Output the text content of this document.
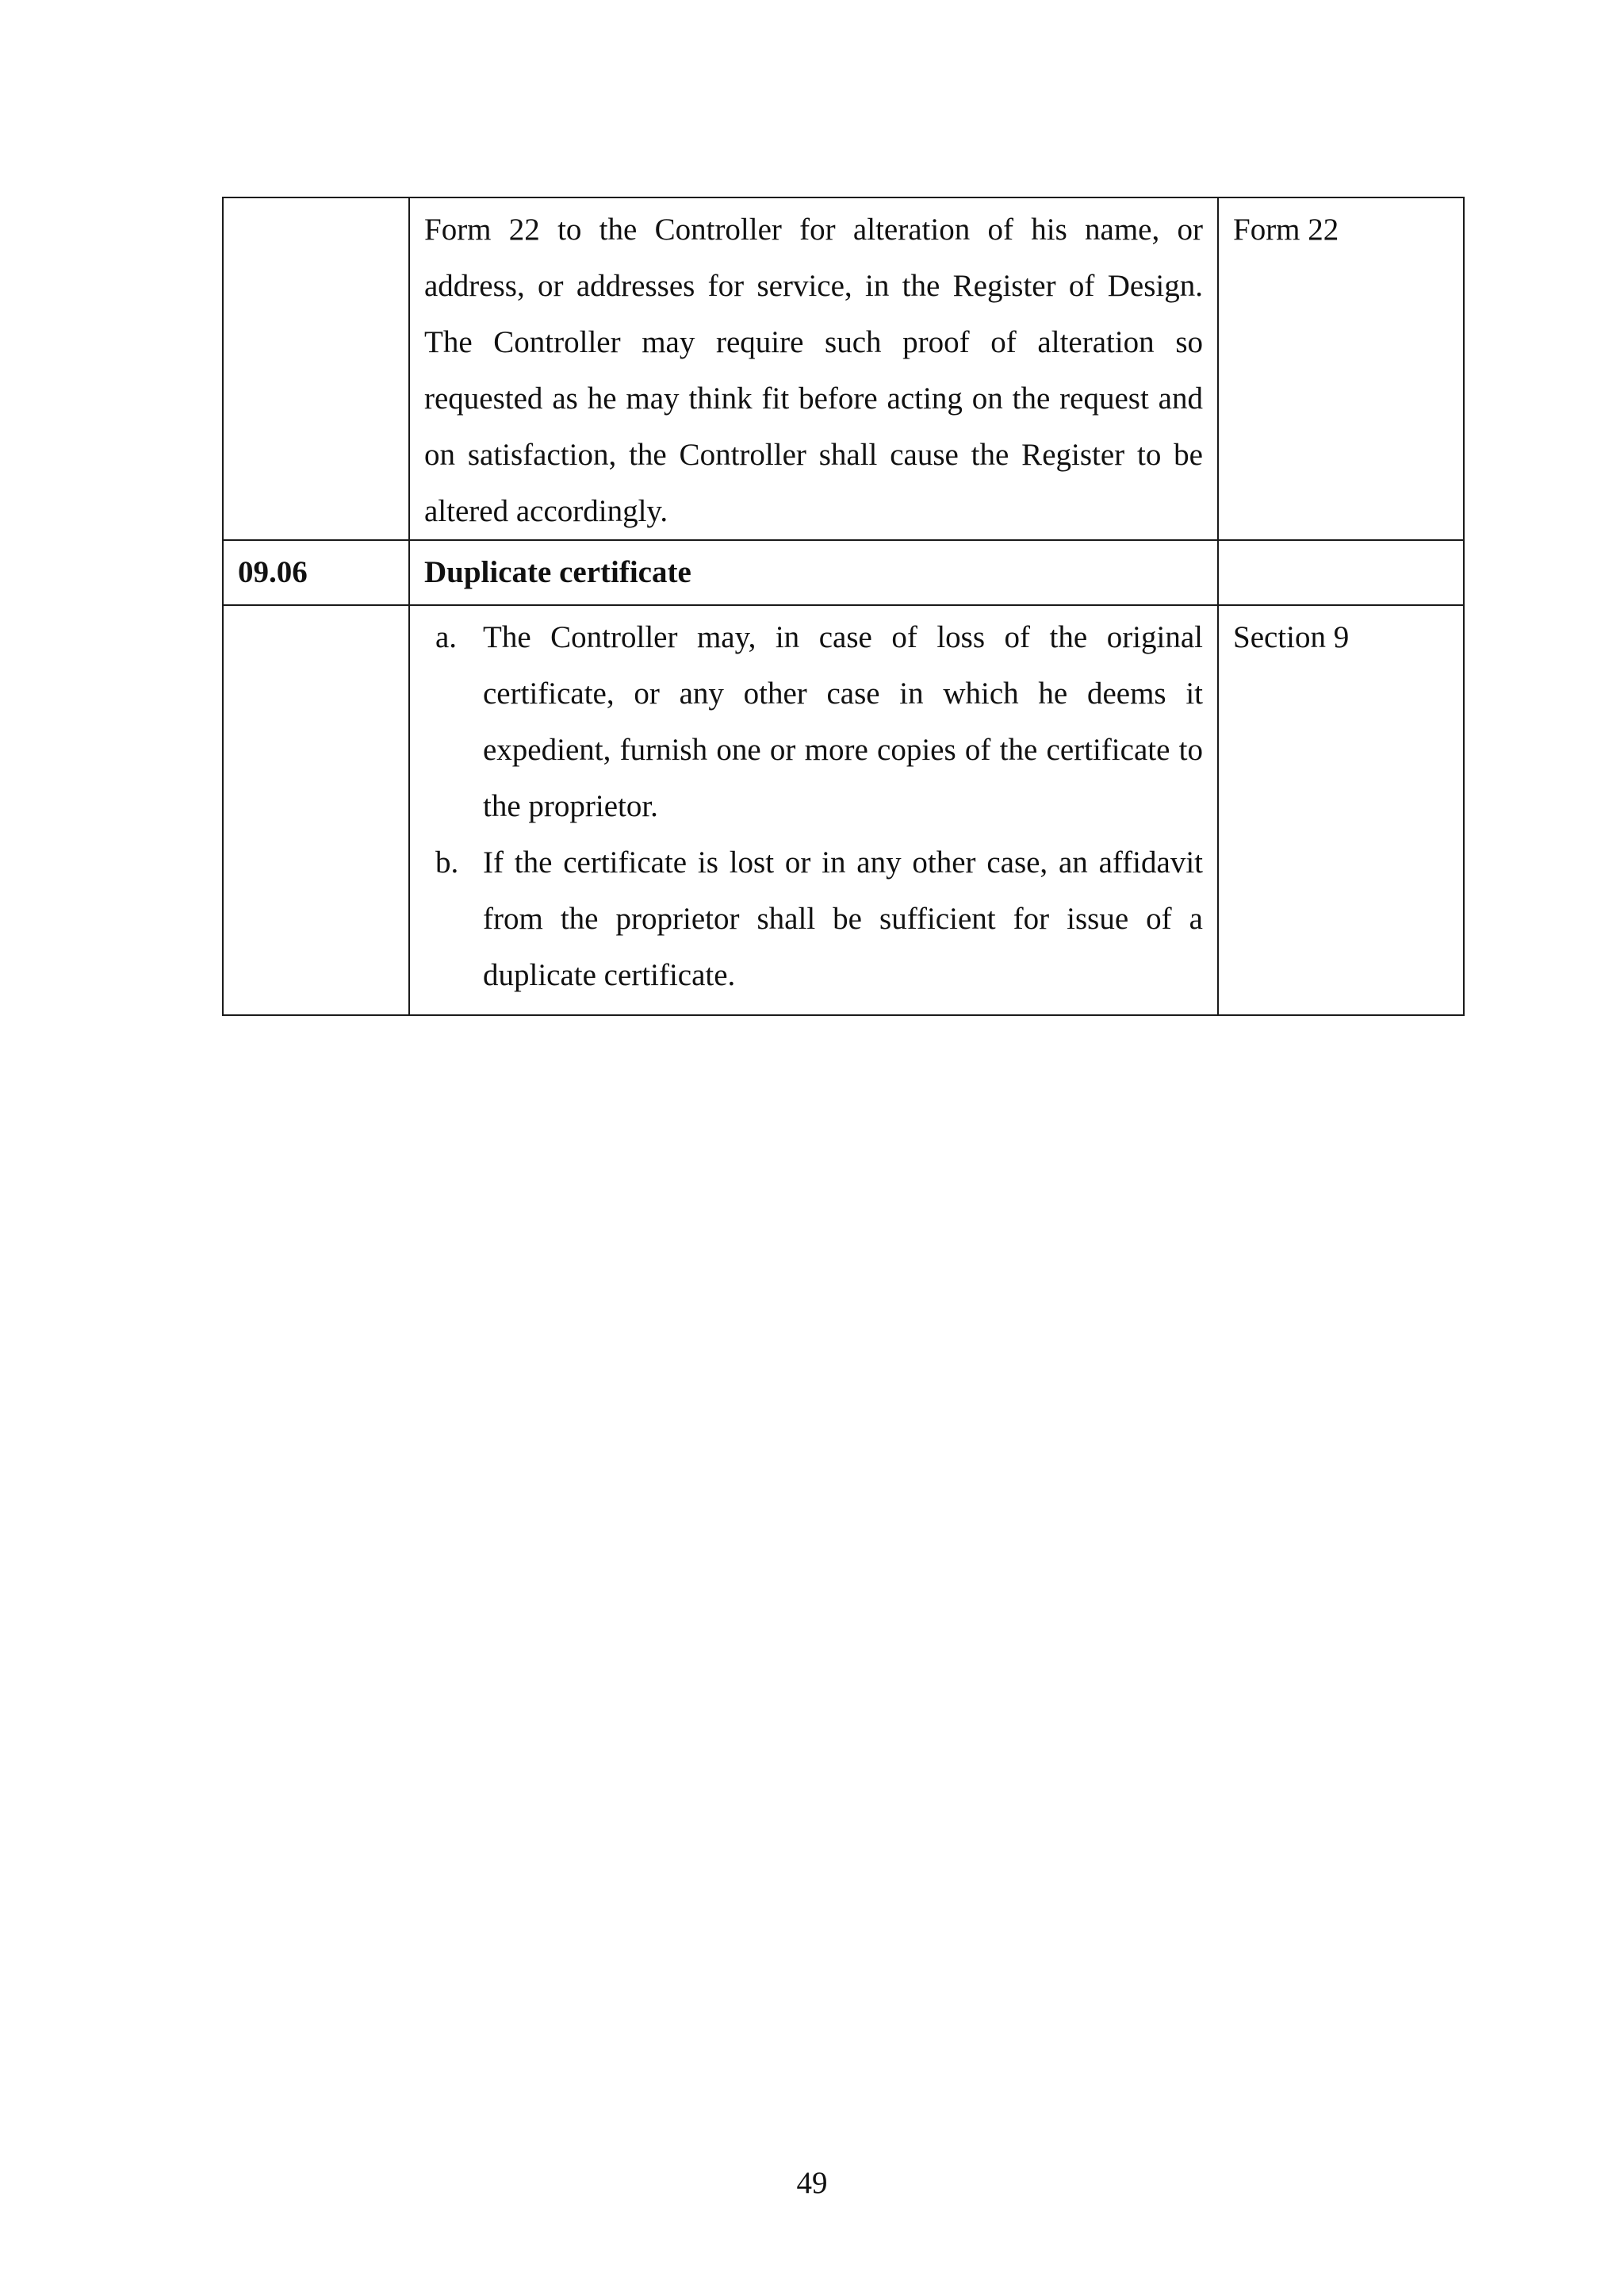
	Form 22 to the Controller for alteration of his name, or address, or addresses for service, in the Register of Design. The Controller may require such proof of alteration so requested as he may think fit before acting on the request and on satisfaction, the Controller shall cause the Register to be altered accordingly.	Form 22
09.06	Duplicate certificate	

	a. The Controller may, in case of loss of the original certificate, or any other case in which he deems it expedient, furnish one or more copies of the certificate to the proprietor.
b. If the certificate is lost or in any other case, an affidavit from the proprietor shall be sufficient for issue of a duplicate certificate.	Section 9
49
